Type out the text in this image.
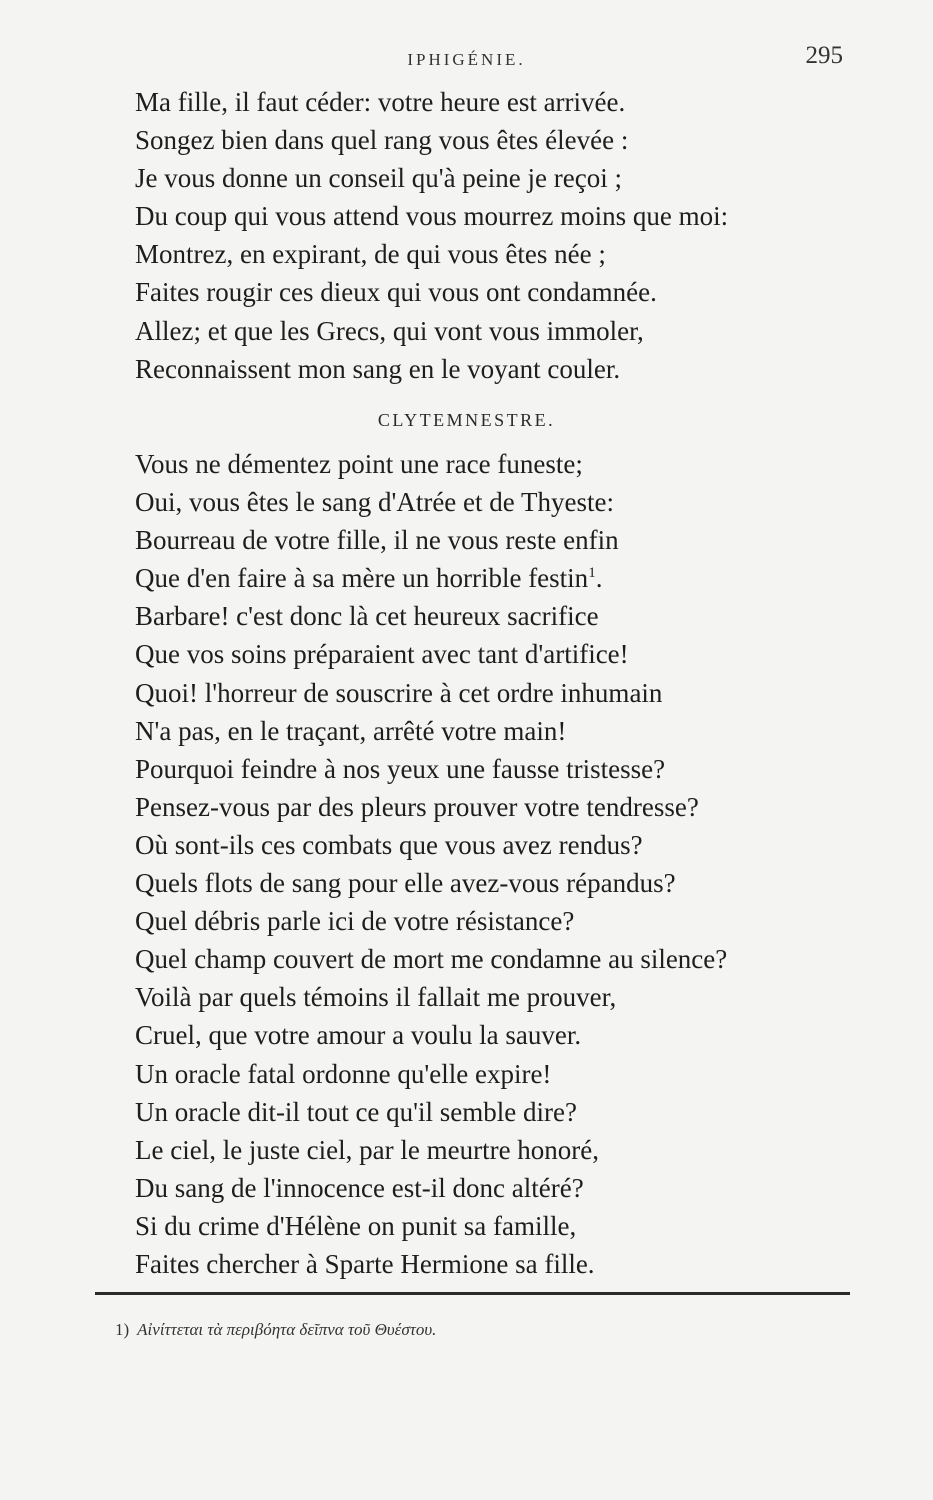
IPHIGÉNIE.	295
Ma fille, il faut céder: votre heure est arrivée.
Songez bien dans quel rang vous êtes élevée :
Je vous donne un conseil qu'à peine je reçoi ;
Du coup qui vous attend vous mourrez moins que moi:
Montrez, en expirant, de qui vous êtes née ;
Faites rougir ces dieux qui vous ont condamnée.
Allez; et que les Grecs, qui vont vous immoler,
Reconnaissent mon sang en le voyant couler.
CLYTEMNESTRE.
Vous ne démentez point une race funeste;
Oui, vous êtes le sang d'Atrée et de Thyeste:
Bourreau de votre fille, il ne vous reste enfin
Que d'en faire à sa mère un horrible festin$^1$.
Barbare! c'est donc là cet heureux sacrifice
Que vos soins préparaient avec tant d'artifice!
Quoi! l'horreur de souscrire à cet ordre inhumain
N'a pas, en le traçant, arrêté votre main!
Pourquoi feindre à nos yeux une fausse tristesse?
Pensez-vous par des pleurs prouver votre tendresse?
Où sont-ils ces combats que vous avez rendus?
Quels flots de sang pour elle avez-vous répandus?
Quel débris parle ici de votre résistance?
Quel champ couvert de mort me condamne au silence?
Voilà par quels témoins il fallait me prouver,
Cruel, que votre amour a voulu la sauver.
Un oracle fatal ordonne qu'elle expire!
Un oracle dit-il tout ce qu'il semble dire?
Le ciel, le juste ciel, par le meurtre honoré,
Du sang de l'innocence est-il donc altéré?
Si du crime d'Hélène on punit sa famille,
Faites chercher à Sparte Hermione sa fille.
1) Αἰνίττεται τὰ περιβόητα δεῖπνα τοῦ Θυέστου.
